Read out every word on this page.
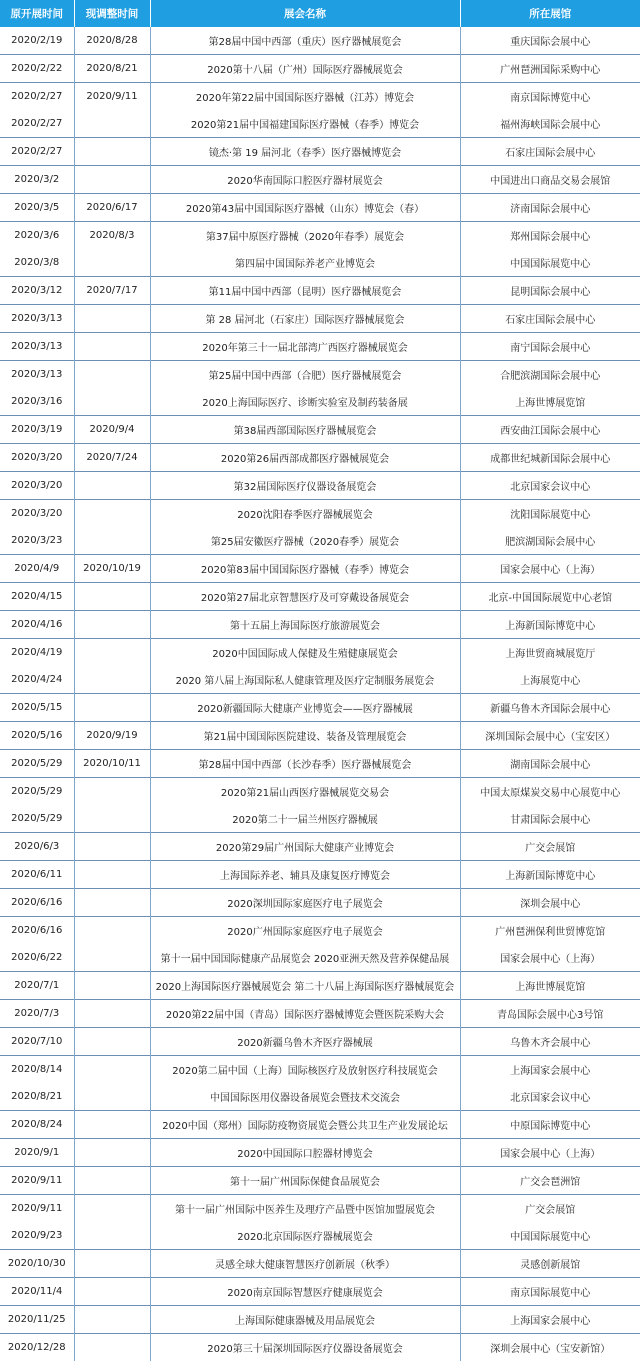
原开展时间	现调整时间	展会名称	所在展馆
2020/2/19	2020/8/28	第28届中国中西部（重庆）医疗器械展览会	重庆国际会展中心
2020/2/22	2020/8/21	2020第十八届（广州）国际医疗器械展览会	广州琶洲国际采购中心
2020/2/27	2020/9/11	2020年第22届中国国际医疗器械（江苏）博览会	南京国际博览中心
2020/2/27		2020第21届中国福建国际医疗器械（春季）博览会	福州海峡国际会展中心
2020/2/27		镜杰·第 19 届河北（春季）医疗器械博览会	石家庄国际会展中心
2020/3/2		2020华南国际口腔医疗器材展览会	中国进出口商品交易会展馆
2020/3/5	2020/6/17	2020第43届中国国际医疗器械（山东）博览会（春）	济南国际会展中心
2020/3/6	2020/8/3	第37届中原医疗器械（2020年春季）展览会	郑州国际会展中心
2020/3/8		第四届中国国际养老产业博览会	中国国际展览中心
2020/3/12	2020/7/17	第11届中国中西部（昆明）医疗器械展览会	昆明国际会展中心
2020/3/13		第 28 届河北（石家庄）国际医疗器械展览会	石家庄国际会展中心
2020/3/13		2020年第三十一届北部湾广西医疗器械展览会	南宁国际会展中心
2020/3/13		第25届中国中西部（合肥）医疗器械展览会	合肥滨湖国际会展中心
2020/3/16		2020上海国际医疗、诊断实验室及制药装备展	上海世博展览馆
2020/3/19	2020/9/4	第38届西部国际医疗器械展览会	西安曲江国际会展中心
2020/3/20	2020/7/24	2020第26届西部成都医疗器械展览会	成都世纪城新国际会展中心
2020/3/20		第32届国际医疗仪器设备展览会	北京国家会议中心
2020/3/20		2020沈阳春季医疗器械展览会	沈阳国际展览中心
2020/3/23		第25届安徽医疗器械（2020春季）展览会	肥滨湖国际会展中心
2020/4/9	2020/10/19	2020第83届中国国际医疗器械（春季）博览会	国家会展中心（上海）
2020/4/15		2020第27届北京智慧医疗及可穿戴设备展览会	北京-中国国际展览中心老馆
2020/4/16		第十五届上海国际医疗旅游展览会	上海新国际博览中心
2020/4/19		2020中国国际成人保健及生殖健康展览会	上海世贸商城展览厅
2020/4/24		2020 第八届上海国际私人健康管理及医疗定制服务展览会	上海展览中心
2020/5/15		2020新疆国际大健康产业博览会——医疗器械展	新疆乌鲁木齐国际会展中心
2020/5/16	2020/9/19	第21届中国国际医院建设、装备及管理展览会	深圳国际会展中心（宝安区）
2020/5/29	2020/10/11	第28届中国中西部（长沙春季）医疗器械展览会	湖南国际会展中心
2020/5/29		2020第21届山西医疗器械展览交易会	中国太原煤炭交易中心展览中心
2020/5/29		2020第二十一届兰州医疗器械展	甘肃国际会展中心
2020/6/3		2020第29届广州国际大健康产业博览会	广交会展馆
2020/6/11		上海国际养老、辅具及康复医疗博览会	上海新国际博览中心
2020/6/16		2020深圳国际家庭医疗电子展览会	深圳会展中心
2020/6/16		2020广州国际家庭医疗电子展览会	广州琶洲保利世贸博览馆
2020/6/22		第十一届中国国际健康产品展览会 2020亚洲天然及营养保健品展	国家会展中心（上海）
2020/7/1		2020上海国际医疗器械展览会 第二十八届上海国际医疗器械展览会	上海世博展览馆
2020/7/3		2020第22届中国（青岛）国际医疗器械博览会暨医院采购大会	青岛国际会展中心3号馆
2020/7/10		2020新疆乌鲁木齐医疗器械展	乌鲁木齐会展中心
2020/8/14		2020第二届中国（上海）国际核医疗及放射医疗科技展览会	上海国家会展中心
2020/8/21		中国国际医用仪器设备展览会暨技术交流会	北京国家会议中心
2020/8/24		2020中国（郑州）国际防疫物资展览会暨公共卫生产业发展论坛	中原国际博览中心
2020/9/1		2020中国国际口腔器材博览会	国家会展中心（上海）
2020/9/11		第十一届广州国际保健食品展览会	广交会琶洲馆
2020/9/11		第十一届广州国际中医养生及理疗产品暨中医馆加盟展览会	广交会展馆
2020/9/23		2020北京国际医疗器械展览会	中国国际展览中心
2020/10/30		灵感全球大健康智慧医疗创新展（秋季）	灵感创新展馆
2020/11/4		2020南京国际智慧医疗健康展览会	南京国际展览中心
2020/11/25		上海国际健康器械及用品展览会	上海国家会展中心
2020/12/28		2020第三十届深圳国际医疗仪器设备展览会	深圳会展中心（宝安新馆）
